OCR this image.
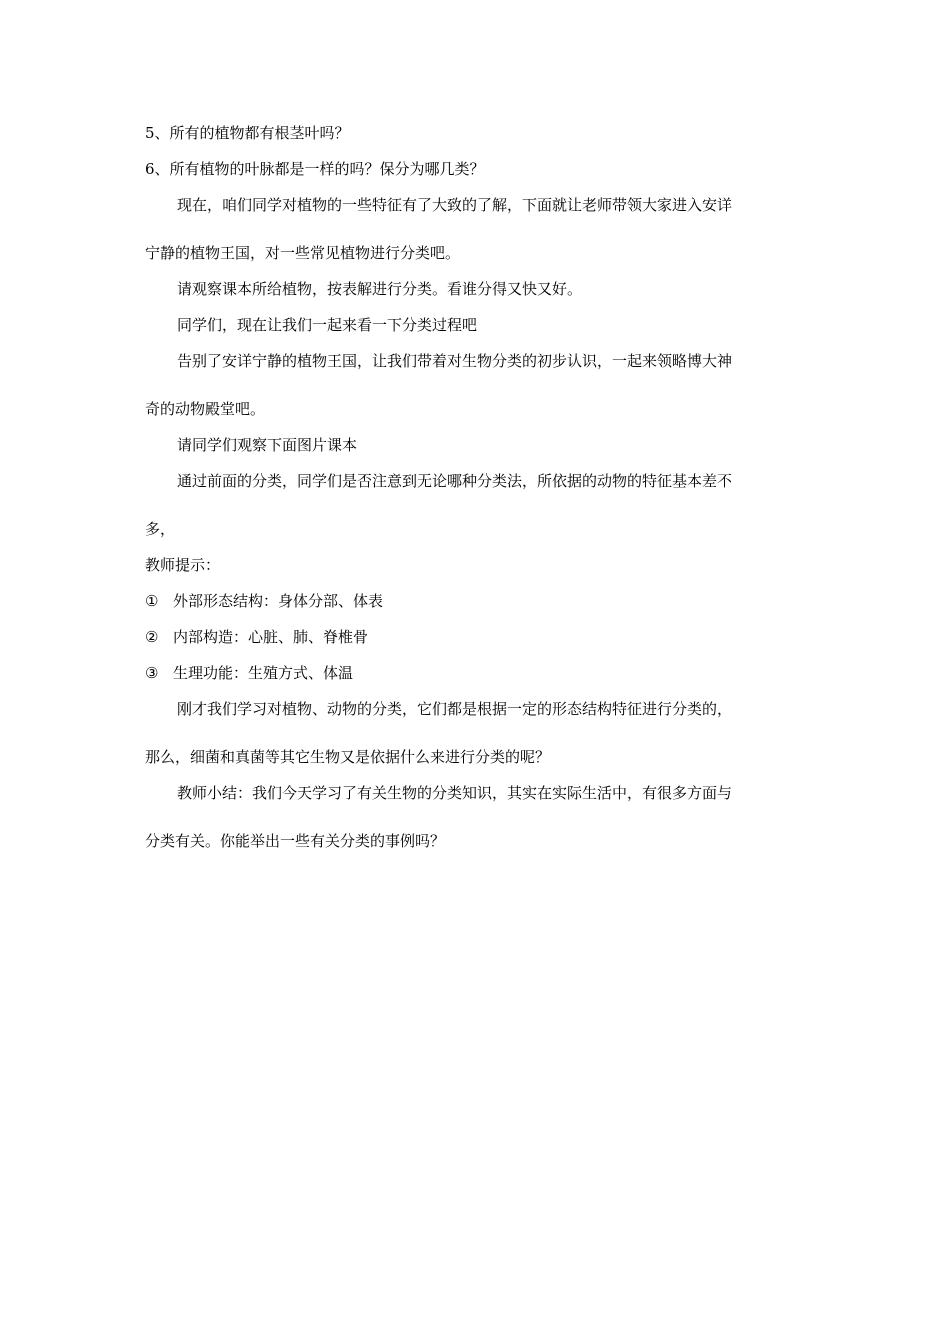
5、所有的植物都有根茎叶吗？

6、所有植物的叶脉都是一样的吗？保分为哪几类？

现在，咱们同学对植物的一些特征有了大致的了解，下面就让老师带领大家进入安详

宁静的植物王国，对一些常见植物进行分类吧。

请观察课本所给植物，按表解进行分类。看谁分得又快又好。

同学们，现在让我们一起来看一下分类过程吧

告别了安详宁静的植物王国，让我们带着对生物分类的初步认识，一起来领略博大神

奇的动物殿堂吧。

请同学们观察下面图片课本

通过前面的分类，同学们是否注意到无论哪种分类法，所依据的动物的特征基本差不

多，

教师提示：

① 外部形态结构：身体分部、体表
② 内部构造：心脏、肺、脊椎骨
③ 生理功能：生殖方式、体温

刚才我们学习对植物、动物的分类，它们都是根据一定的形态结构特征进行分类的，

那么，细菌和真菌等其它生物又是依据什么来进行分类的呢？

教师小结：我们今天学习了有关生物的分类知识，其实在实际生活中，有很多方面与

分类有关。你能举出一些有关分类的事例吗？
